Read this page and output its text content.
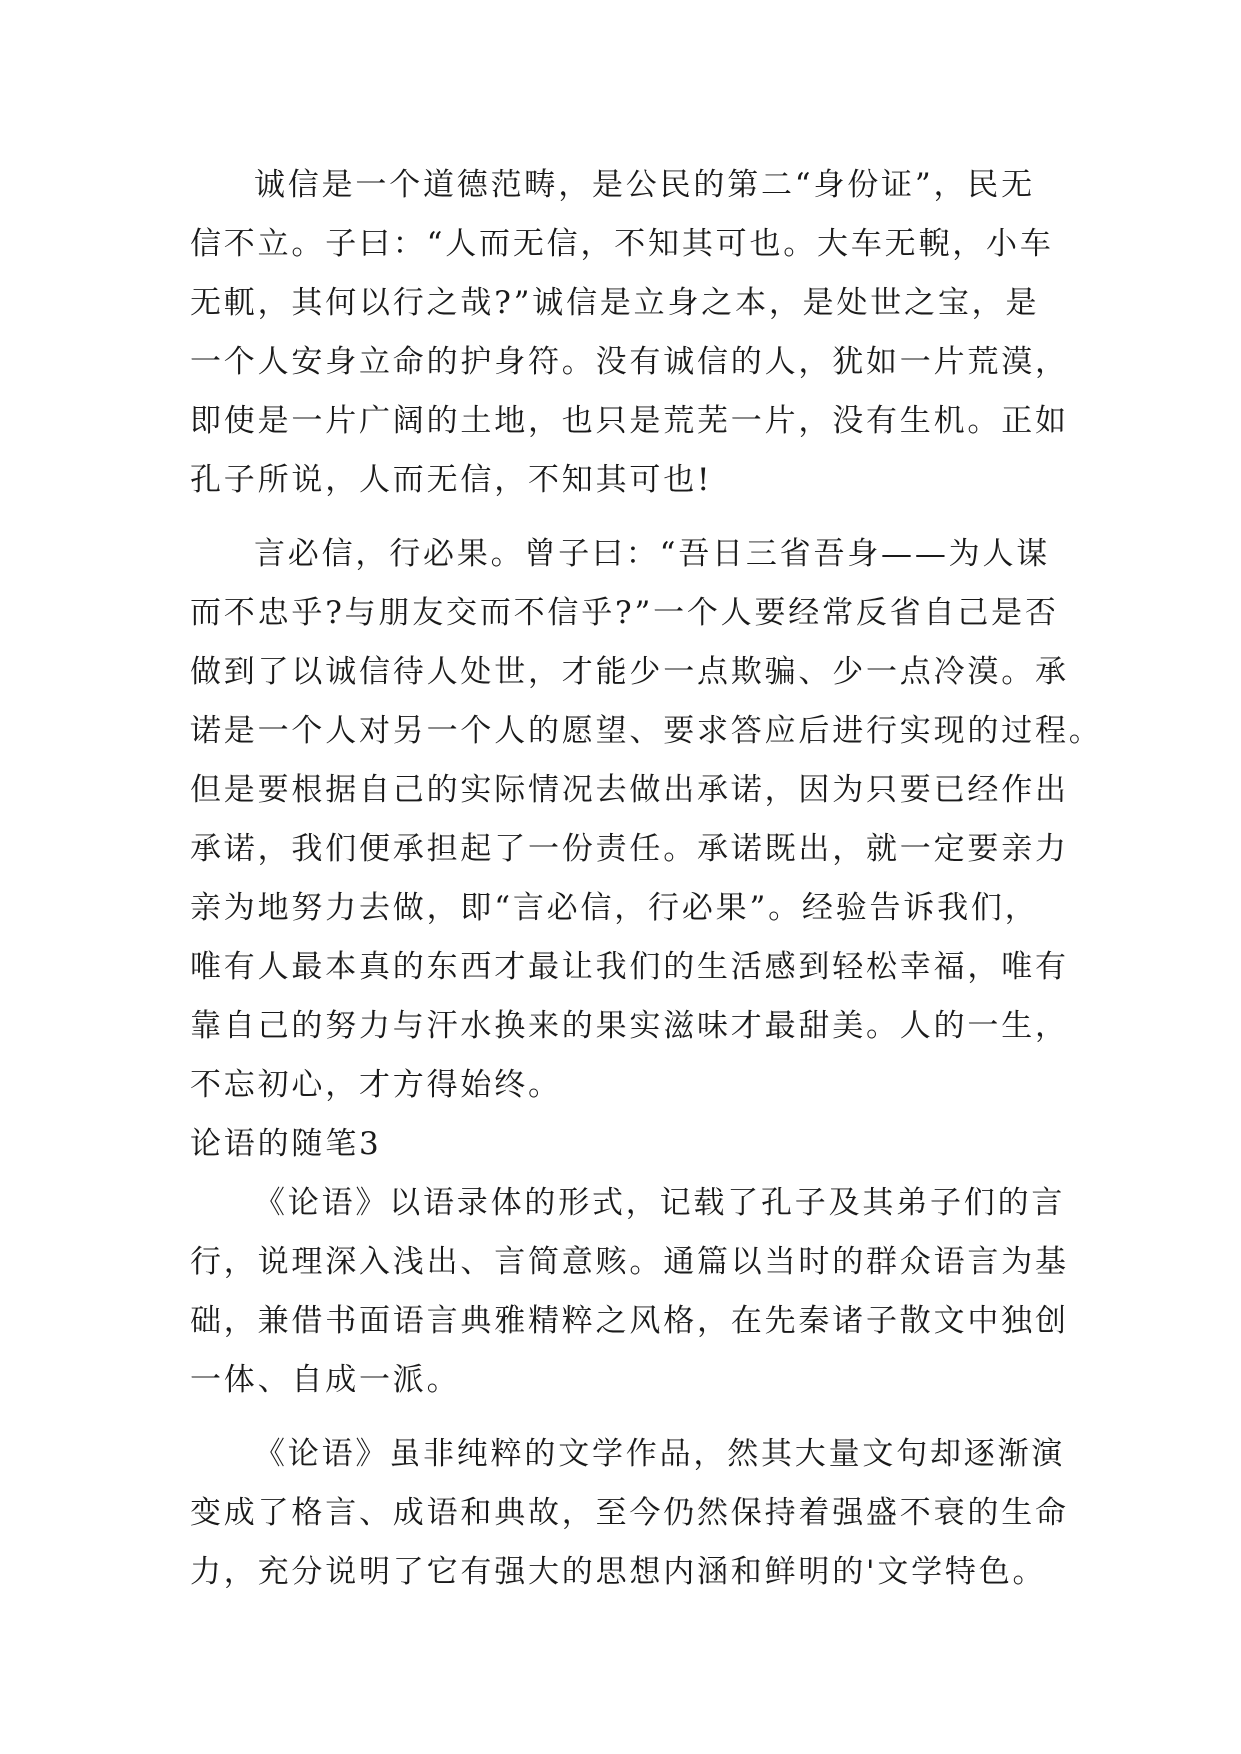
诚信是一个道德范畴，是公民的第二“身份证”，民无
信不立。子曰：“人而无信，不知其可也。大车无輗，小车
无軏，其何以行之哉?”诚信是立身之本，是处世之宝，是
一个人安身立命的护身符。没有诚信的人，犹如一片荒漠，
即使是一片广阔的土地，也只是荒芜一片，没有生机。正如
孔子所说，人而无信，不知其可也!
言必信，行必果。曾子曰：“吾日三省吾身——为人谋
而不忠乎?与朋友交而不信乎?”一个人要经常反省自己是否
做到了以诚信待人处世，才能少一点欺骗、少一点冷漠。承
诺是一个人对另一个人的愿望、要求答应后进行实现的过程。
但是要根据自己的实际情况去做出承诺，因为只要已经作出
承诺，我们便承担起了一份责任。承诺既出，就一定要亲力
亲为地努力去做，即“言必信，行必果”。经验告诉我们，
唯有人最本真的东西才最让我们的生活感到轻松幸福，唯有
靠自己的努力与汗水换来的果实滋味才最甜美。人的一生，
不忘初心，才方得始终。
论语的随笔3
《论语》以语录体的形式，记载了孔子及其弟子们的言
行，说理深入浅出、言简意赅。通篇以当时的群众语言为基
础，兼借书面语言典雅精粹之风格，在先秦诸子散文中独创
一体、自成一派。
《论语》虽非纯粹的文学作品，然其大量文句却逐渐演
变成了格言、成语和典故，至今仍然保持着强盛不衰的生命
力，充分说明了它有强大的思想内涵和鲜明的'文学特色。
